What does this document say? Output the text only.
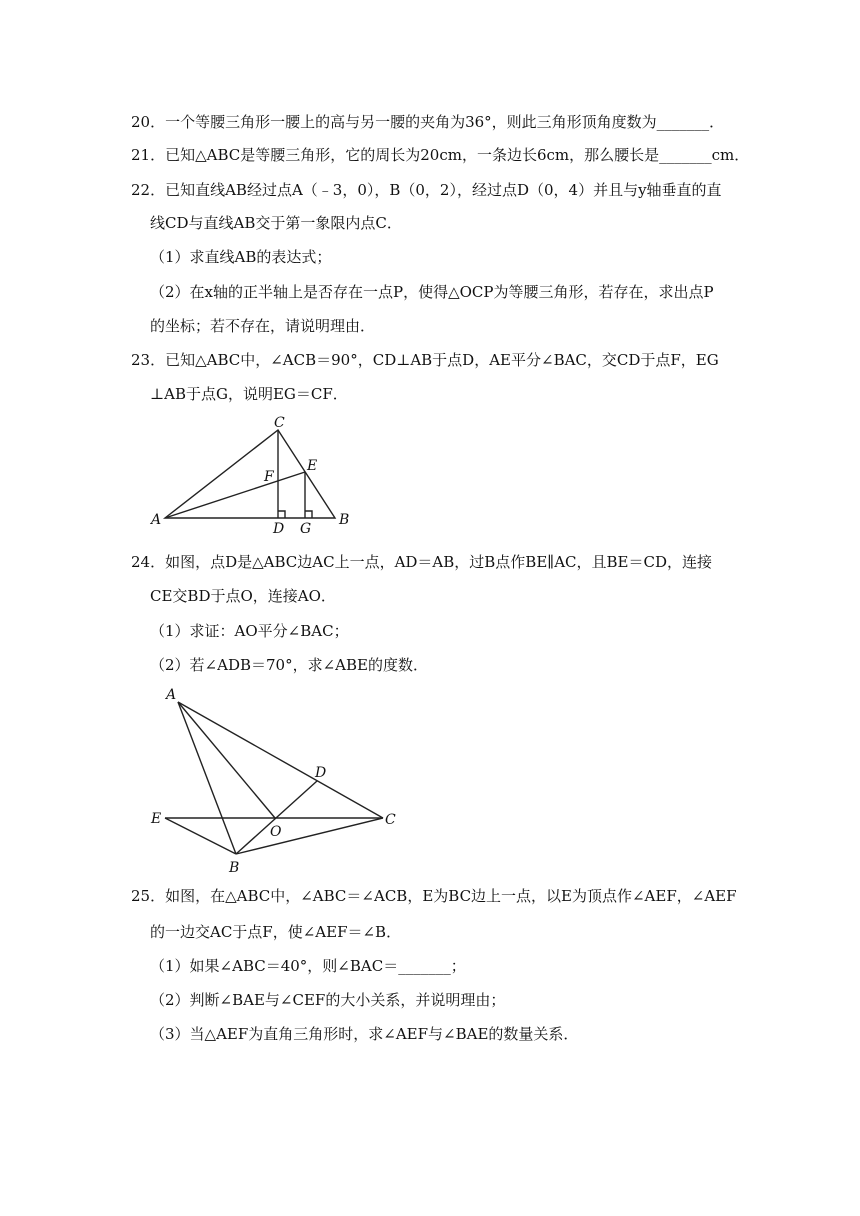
20．一个等腰三角形一腰上的高与另一腰的夹角为36°，则此三角形顶角度数为_______．
21．已知△ABC是等腰三角形，它的周长为20cm，一条边长6cm，那么腰长是_______cm．
22．已知直线AB经过点A（﹣3，0），B（0，2），经过点D（0，4）并且与y轴垂直的直
线CD与直线AB交于第一象限内点C．
（1）求直线AB的表达式；
（2）在x轴的正半轴上是否存在一点P，使得△OCP为等腰三角形，若存在，求出点P
的坐标；若不存在，请说明理由．
23．已知△ABC中，∠ACB＝90°，CD⊥AB于点D，AE平分∠BAC，交CD于点F，EG
⊥AB于点G，说明EG＝CF．
C
F
E
A
D G
B
24．如图，点D是△ABC边AC上一点，AD＝AB，过B点作BE∥AC，且BE＝CD，连接
CE交BD于点O，连接AO．
（1）求证：AO平分∠BAC；
（2）若∠ADB＝70°，求∠ABE的度数．
A
D
E
O
C
B
25．如图，在△ABC中，∠ABC＝∠ACB，E为BC边上一点，以E为顶点作∠AEF，∠AEF
的一边交AC于点F，使∠AEF＝∠B．
（1）如果∠ABC＝40°，则∠BAC＝_______；
（2）判断∠BAE与∠CEF的大小关系，并说明理由；
（3）当△AEF为直角三角形时，求∠AEF与∠BAE的数量关系．
